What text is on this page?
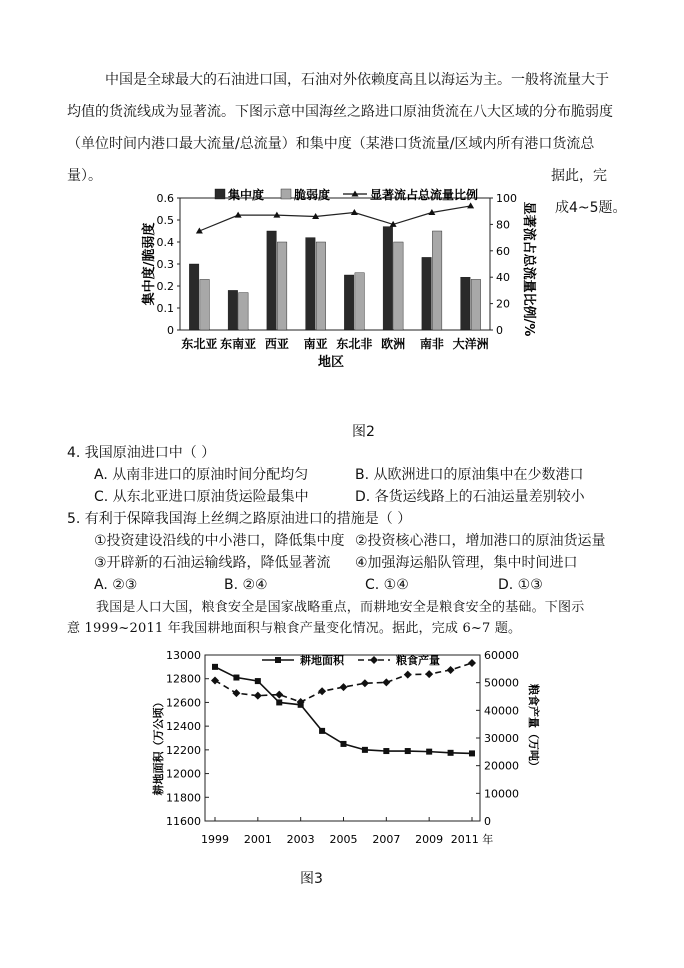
中国是全球最大的石油进口国，石油对外依赖度高且以海运为主。一般将流量大于
均值的货流线成为显著流。下图示意中国海丝之路进口原油货流在八大区域的分布脆弱度
（单位时间内港口最大流量/总流量）和集中度（某港口货流量/区域内所有港口货流总
量）。	据此，完
成4~5题。
0
0.1
0.2
0.3
0.4
0.5
0.6
0
20
40
60
80
100
集中度/脆弱度	显著流占总流量比例/%
地区
东北亚 东南亚 西亚 南亚 东北非 欧洲 南非 大洋洲
集中度 脆弱度	显著流占总流量比例
图2
4. 我国原油进口中（ ）
A. 从南非进口的原油时间分配均匀	B. 从欧洲进口的原油集中在少数港口
C. 从东北亚进口原油货运险最集中	D. 各货运线路上的石油运量差别较小
5. 有利于保障我国海上丝绸之路原油进口的措施是（ ）
①投资建设沿线的中小港口，降低集中度 ②投资核心港口，增加港口的原油货运量
③开辟新的石油运输线路，降低显著流 ④加强海运船队管理，集中时间进口
A. ②③	B. ②④	C. ①④	D. ①③
我国是人口大国，粮食安全是国家战略重点，而耕地安全是粮食安全的基础。下图示
意 1999~2011 年我国耕地面积与粮食产量变化情况。据此，完成 6~7 题。
11600
11800
12000
12200
12400
12600
12800
13000
0
10000
20000
30000
40000
50000
60000
1999 2001 2003 2005 2007 2009 2011 年
耕地面积（万公顷）	粮食产量（万吨）
耕地面积	粮食产量
图3
